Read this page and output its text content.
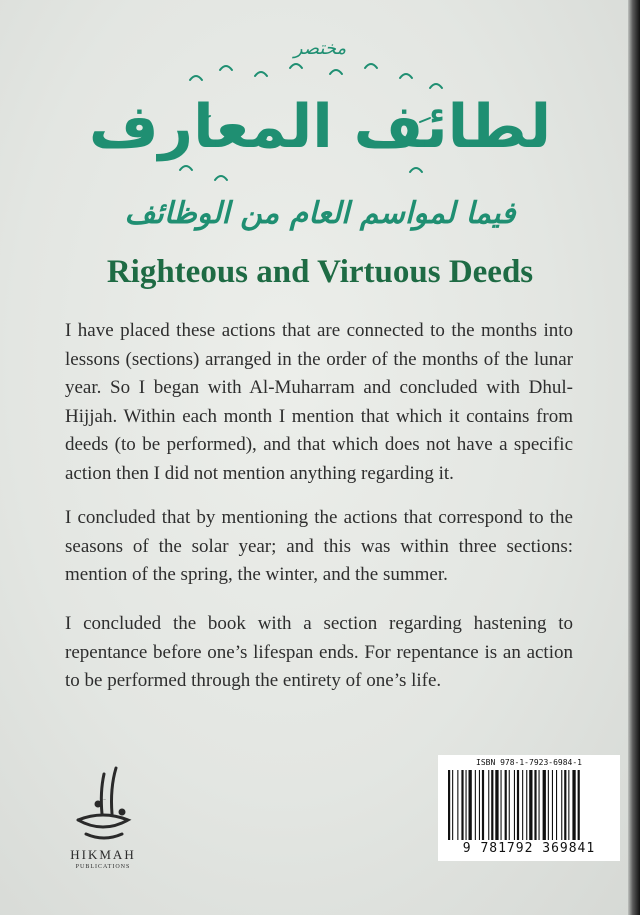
مختصر
لطائف المعارف
فيما لمواسم العام من الوظائف
Righteous and Virtuous Deeds

I have placed these actions that are connected to the months into lessons (sections) arranged in the order of the months of the lunar year. So I began with Al-Muharram and concluded with Dhul-Hijjah. Within each month I mention that which it contains from deeds (to be performed), and that which does not have a specific action then I did not mention anything regarding it.

I concluded that by mentioning the actions that correspond to the seasons of the solar year; and this was within three sections: mention of the spring, the winter, and the summer.

I concluded the book with a section regarding hastening to repentance before one’s lifespan ends. For repentance is an action to be performed through the entirety of one’s life.

الحكمة
HIKMAH
PUBLICATIONS
ISBN 978-1-7923-6984-1
9 781792 369841
